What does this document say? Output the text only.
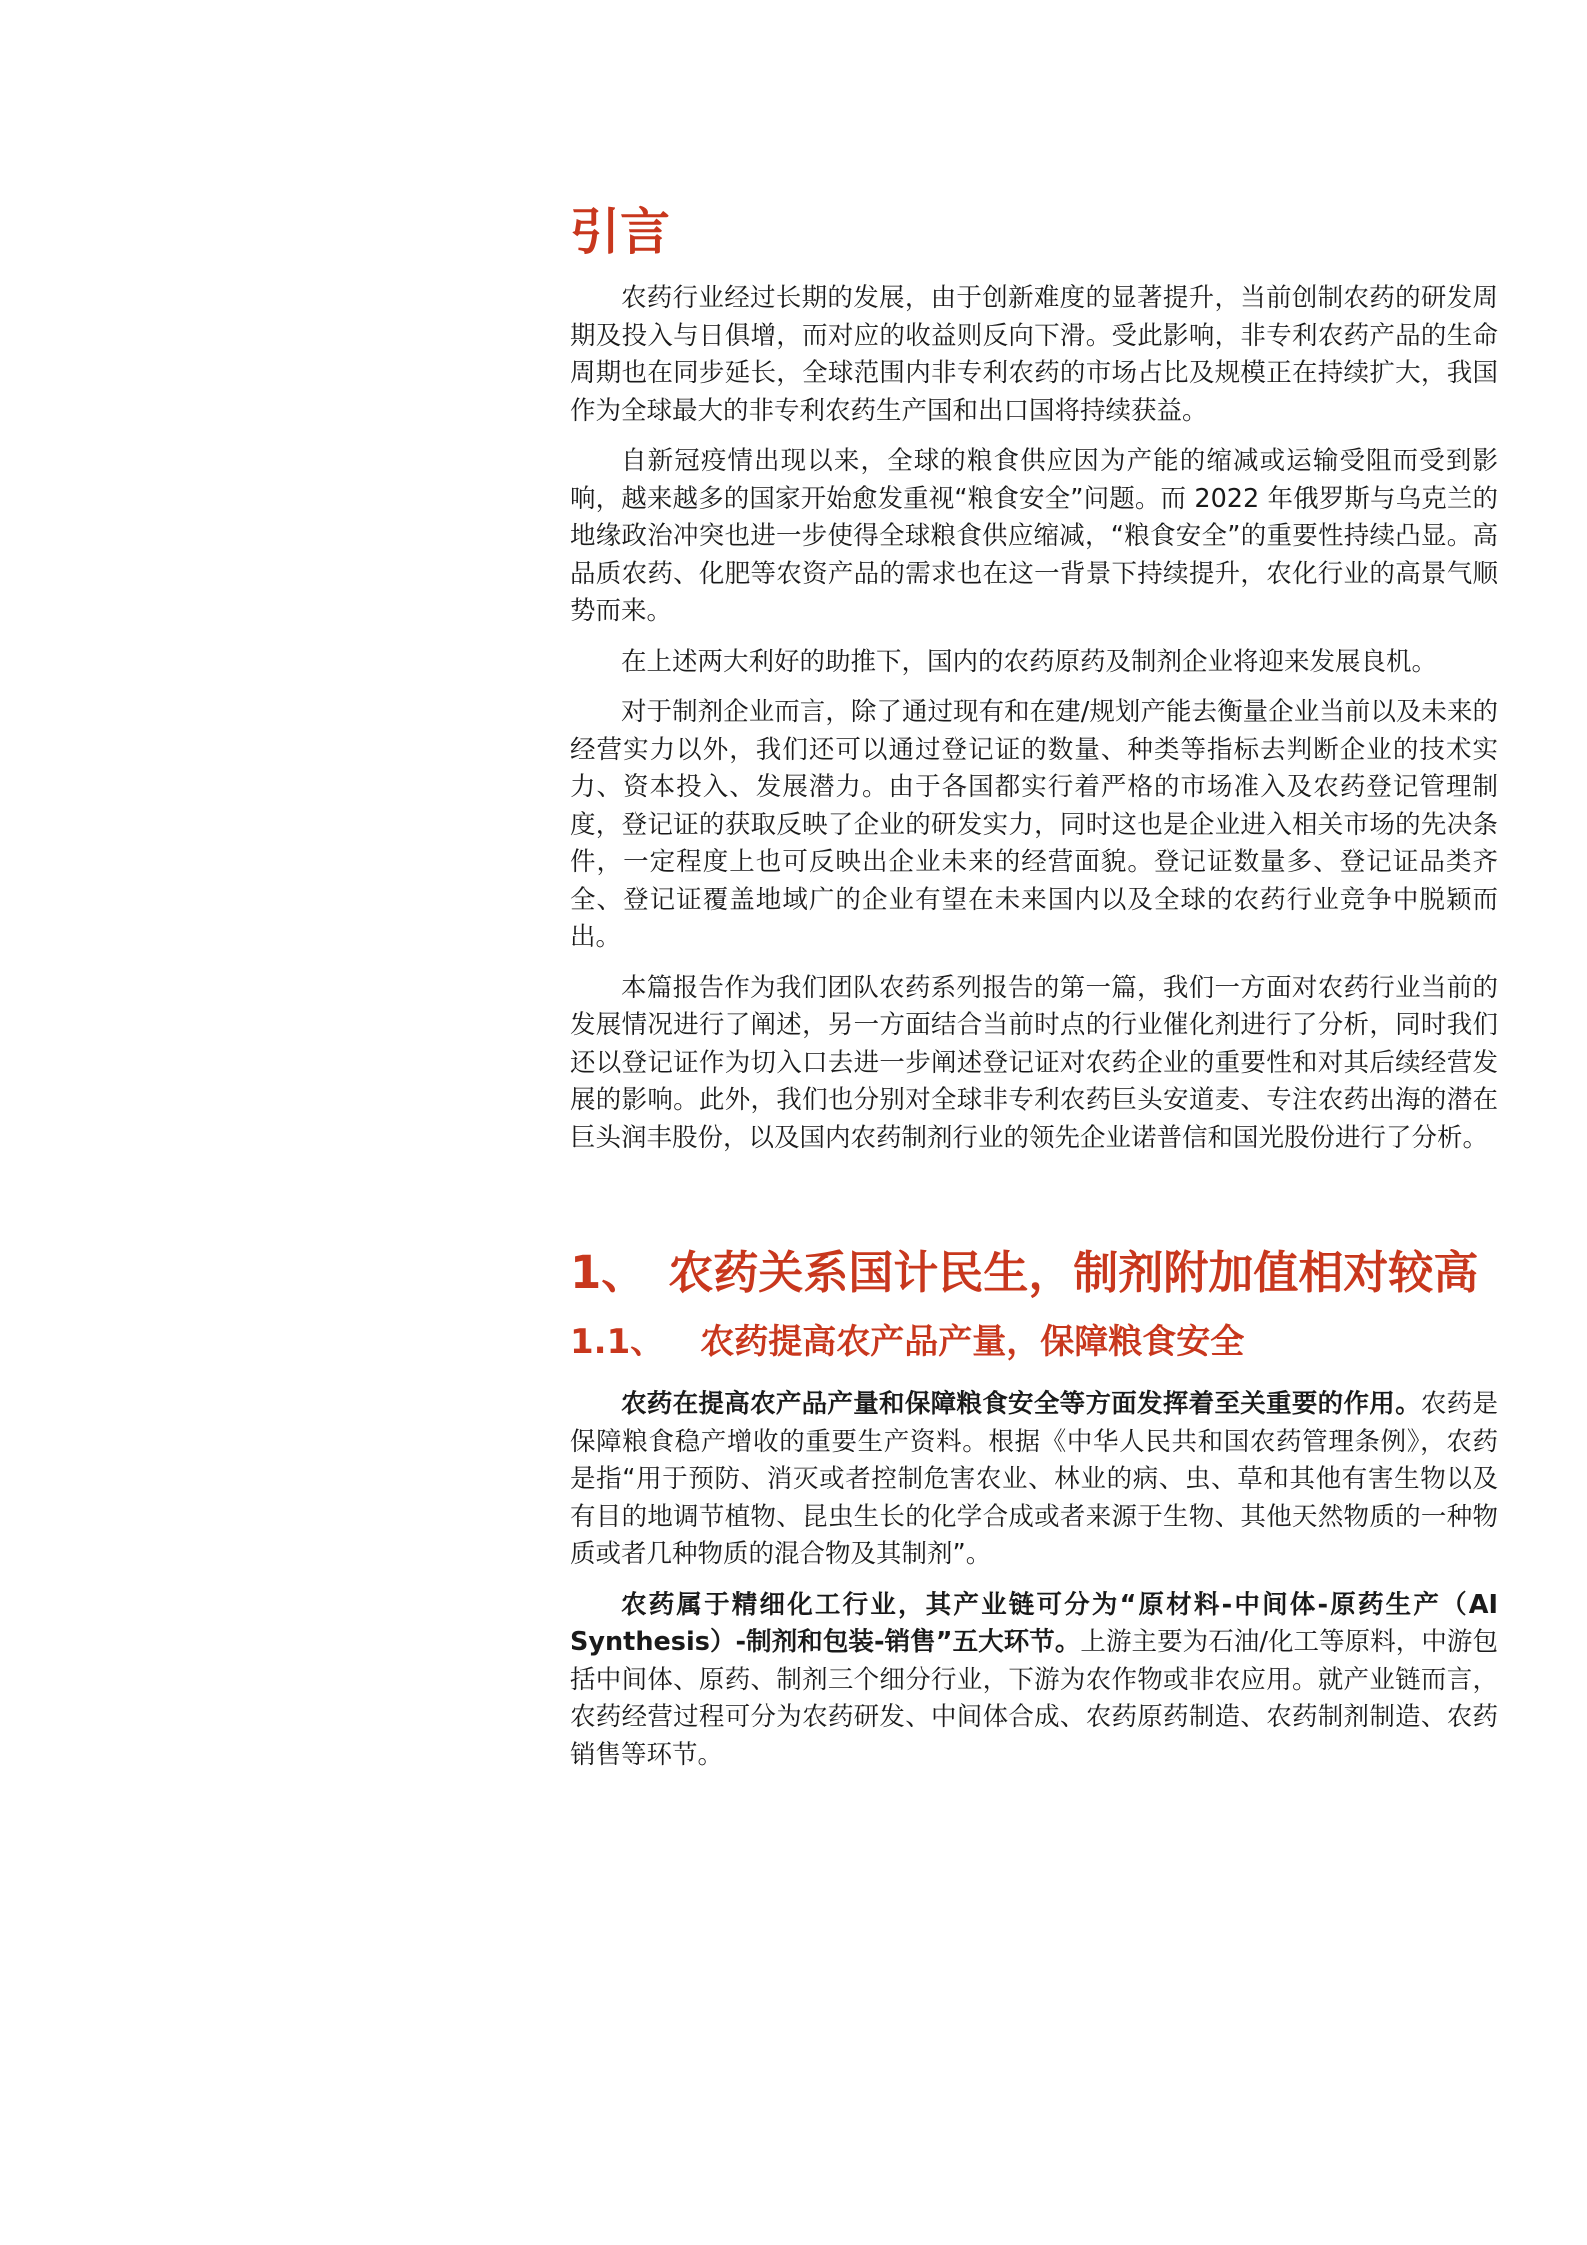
引言

农药行业经过长期的发展，由于创新难度的显著提升，当前创制农药的研发周期及投入与日俱增，而对应的收益则反向下滑。受此影响，非专利农药产品的生命周期也在同步延长，全球范围内非专利农药的市场占比及规模正在持续扩大，我国作为全球最大的非专利农药生产国和出口国将持续获益。

自新冠疫情出现以来，全球的粮食供应因为产能的缩减或运输受阻而受到影响，越来越多的国家开始愈发重视“粮食安全”问题。而 2022 年俄罗斯与乌克兰的地缘政治冲突也进一步使得全球粮食供应缩减，“粮食安全”的重要性持续凸显。高品质农药、化肥等农资产品的需求也在这一背景下持续提升，农化行业的高景气顺势而来。

在上述两大利好的助推下，国内的农药原药及制剂企业将迎来发展良机。

对于制剂企业而言，除了通过现有和在建/规划产能去衡量企业当前以及未来的经营实力以外，我们还可以通过登记证的数量、种类等指标去判断企业的技术实力、资本投入、发展潜力。由于各国都实行着严格的市场准入及农药登记管理制度，登记证的获取反映了企业的研发实力，同时这也是企业进入相关市场的先决条件，一定程度上也可反映出企业未来的经营面貌。登记证数量多、登记证品类齐全、登记证覆盖地域广的企业有望在未来国内以及全球的农药行业竞争中脱颖而出。

本篇报告作为我们团队农药系列报告的第一篇，我们一方面对农药行业当前的发展情况进行了阐述，另一方面结合当前时点的行业催化剂进行了分析，同时我们还以登记证作为切入口去进一步阐述登记证对农药企业的重要性和对其后续经营发展的影响。此外，我们也分别对全球非专利农药巨头安道麦、专注农药出海的潜在巨头润丰股份，以及国内农药制剂行业的领先企业诺普信和国光股份进行了分析。

1、 农药关系国计民生，制剂附加值相对较高
1.1、 农药提高农产品产量，保障粮食安全

农药在提高农产品产量和保障粮食安全等方面发挥着至关重要的作用。农药是保障粮食稳产增收的重要生产资料。根据《中华人民共和国农药管理条例》，农药是指“用于预防、消灭或者控制危害农业、林业的病、虫、草和其他有害生物以及有目的地调节植物、昆虫生长的化学合成或者来源于生物、其他天然物质的一种物质或者几种物质的混合物及其制剂”。

农药属于精细化工行业，其产业链可分为“原材料-中间体-原药生产（AI Synthesis）-制剂和包装-销售”五大环节。上游主要为石油/化工等原料，中游包括中间体、原药、制剂三个细分行业，下游为农作物或非农应用。就产业链而言，农药经营过程可分为农药研发、中间体合成、农药原药制造、农药制剂制造、农药销售等环节。
